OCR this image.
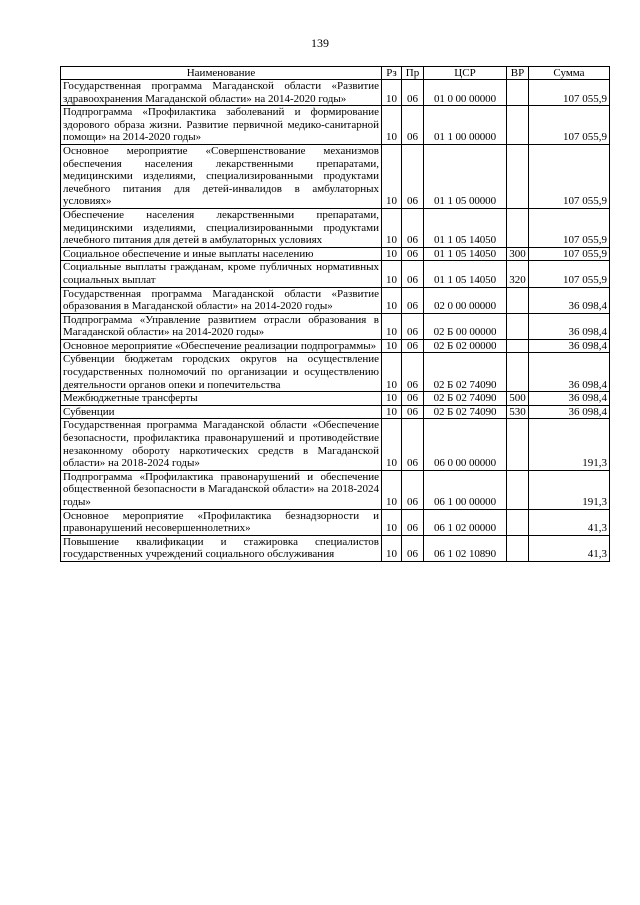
139
Наименование	Рз	Пр	ЦСР	ВР	Сумма
Государственная программа Магаданской области «Развитие здравоохранения Магаданской области» на 2014-2020 годы»	10	06	01 0 00 00000		107 055,9
Подпрограмма «Профилактика заболеваний и формирование здорового образа жизни. Развитие первичной медико-санитарной помощи» на 2014-2020 годы»	10	06	01 1 00 00000		107 055,9
Основное мероприятие «Совершенствование механизмов обеспечения населения лекарственными препаратами, медицинскими изделиями, специализированными продуктами лечебного питания для детей-инвалидов в амбулаторных условиях»	10	06	01 1 05 00000		107 055,9
Обеспечение населения лекарственными препаратами, медицинскими изделиями, специализированными продуктами лечебного питания для детей в амбулаторных условиях	10	06	01 1 05 14050		107 055,9
Социальное обеспечение и иные выплаты населению	10	06	01 1 05 14050	300	107 055,9
Социальные выплаты гражданам, кроме публичных нормативных социальных выплат	10	06	01 1 05 14050	320	107 055,9
Государственная программа Магаданской области «Развитие образования в Магаданской области» на 2014-2020 годы»	10	06	02 0 00 00000		36 098,4
Подпрограмма «Управление развитием отрасли образования в Магаданской области» на 2014-2020 годы»	10	06	02 Б 00 00000		36 098,4
Основное мероприятие «Обеспечение реализации подпрограммы»	10	06	02 Б 02 00000		36 098,4
Субвенции бюджетам городских округов на осуществление государственных полномочий по организации и осуществлению деятельности органов опеки и попечительства	10	06	02 Б 02 74090		36 098,4
Межбюджетные трансферты	10	06	02 Б 02 74090	500	36 098,4
Субвенции	10	06	02 Б 02 74090	530	36 098,4
Государственная программа Магаданской области «Обеспечение безопасности, профилактика правонарушений и противодействие незаконному обороту наркотических средств в Магаданской области» на 2018-2024 годы»	10	06	06 0 00 00000		191,3
Подпрограмма «Профилактика правонарушений и обеспечение общественной безопасности в Магаданской области» на 2018-2024 годы»	10	06	06 1 00 00000		191,3
Основное мероприятие «Профилактика безнадзорности и правонарушений несовершеннолетних»	10	06	06 1 02 00000		41,3
Повышение квалификации и стажировка специалистов государственных учреждений социального обслуживания	10	06	06 1 02 10890		41,3
